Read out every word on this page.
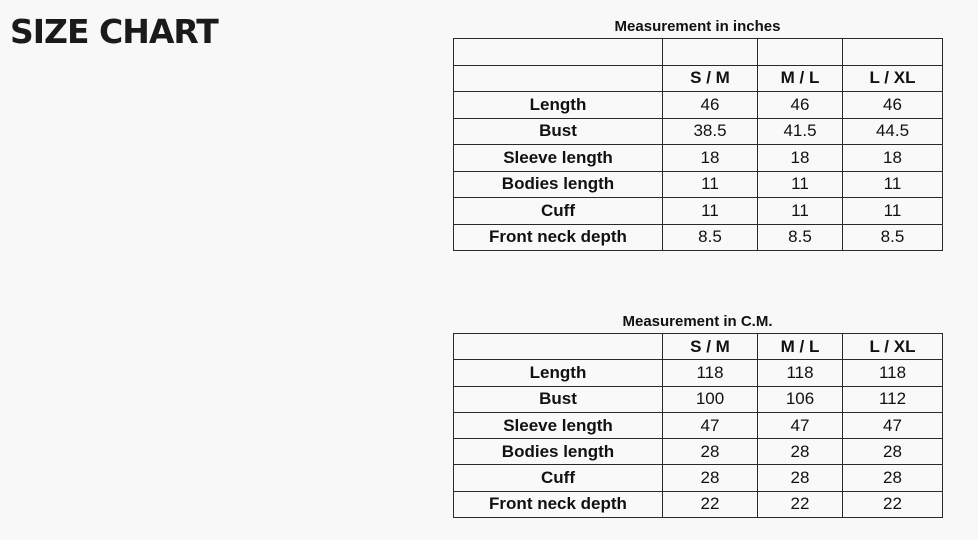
SIZE CHART	Measurement in inches

	S / M	M / L	L / XL
Length	46	46	46
Bust	38.5	41.5	44.5
Sleeve length	18	18	18
Bodies length	11	11	11
Cuff	11	11	11
Front neck depth	8.5	8.5	8.5
Measurement in C.M.
	S / M	M / L	L / XL
Length	118	118	118
Bust	100	106	112
Sleeve length	47	47	47
Bodies length	28	28	28
Cuff	28	28	28
Front neck depth	22	22	22
